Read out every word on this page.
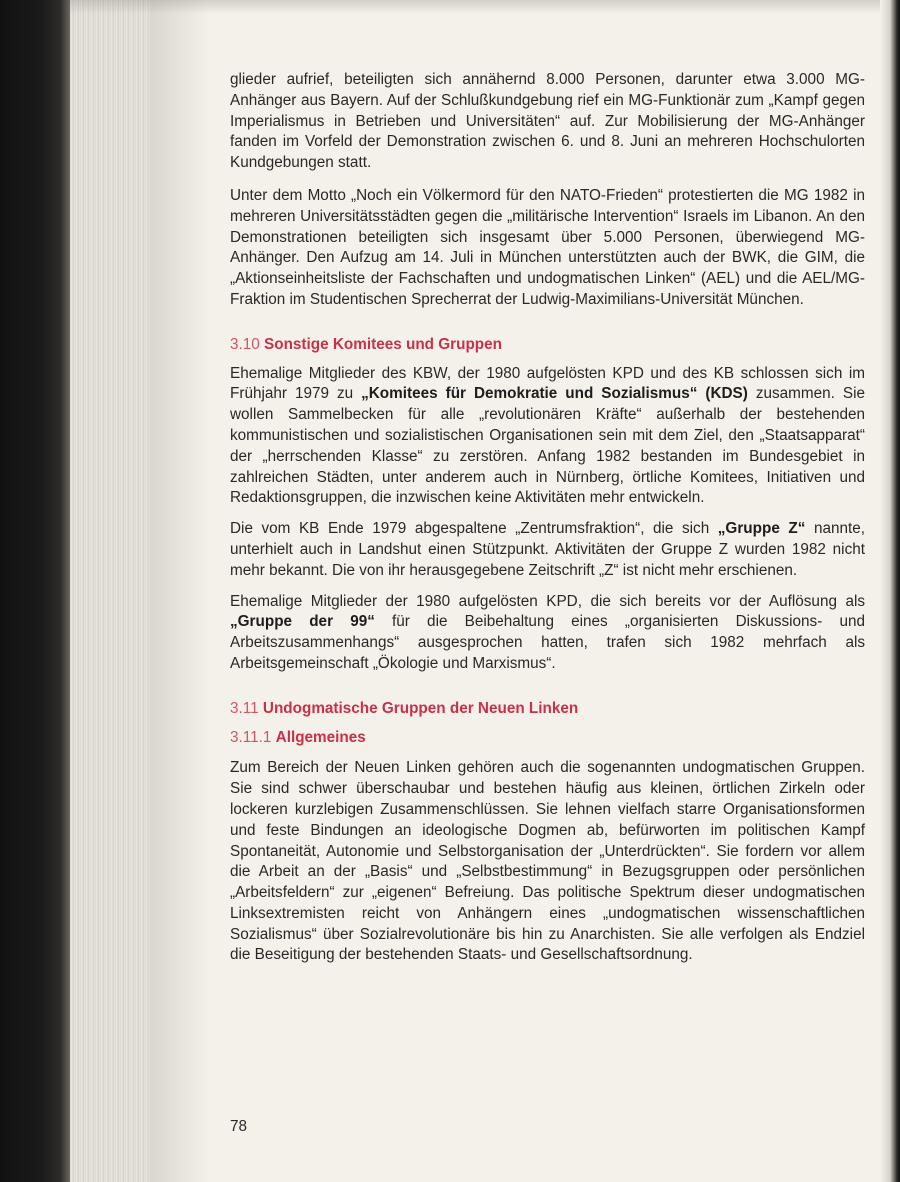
glieder aufrief, beteiligten sich annähernd 8.000 Personen, darunter etwa 3.000 MG-Anhänger aus Bayern. Auf der Schlußkundgebung rief ein MG-Funktionär zum „Kampf gegen Imperialismus in Betrieben und Universitäten“ auf. Zur Mobilisierung der MG-Anhänger fanden im Vorfeld der Demonstration zwischen 6. und 8. Juni an mehreren Hochschulorten Kundgebungen statt.

Unter dem Motto „Noch ein Völkermord für den NATO-Frieden“ protestierten die MG 1982 in mehreren Universitätsstädten gegen die „militärische Intervention“ Israels im Libanon. An den Demonstrationen beteiligten sich insgesamt über 5.000 Personen, überwiegend MG-Anhänger. Den Aufzug am 14. Juli in München unterstützten auch der BWK, die GIM, die „Aktionseinheitsliste der Fachschaften und undogmatischen Linken“ (AEL) und die AEL/MG-Fraktion im Studentischen Sprecherrat der Ludwig-Maximilians-Universität München.

3.10 Sonstige Komitees und Gruppen

Ehemalige Mitglieder des KBW, der 1980 aufgelösten KPD und des KB schlossen sich im Frühjahr 1979 zu „Komitees für Demokratie und Sozialismus“ (KDS) zusammen. Sie wollen Sammelbecken für alle „revolutionären Kräfte“ außerhalb der bestehenden kommunistischen und sozialistischen Organisationen sein mit dem Ziel, den „Staatsapparat“ der „herrschenden Klasse“ zu zerstören. Anfang 1982 bestanden im Bundesgebiet in zahlreichen Städten, unter anderem auch in Nürnberg, örtliche Komitees, Initiativen und Redaktionsgruppen, die inzwischen keine Aktivitäten mehr entwickeln.

Die vom KB Ende 1979 abgespaltene „Zentrumsfraktion“, die sich „Gruppe Z“ nannte, unterhielt auch in Landshut einen Stützpunkt. Aktivitäten der Gruppe Z wurden 1982 nicht mehr bekannt. Die von ihr herausgegebene Zeitschrift „Z“ ist nicht mehr erschienen.

Ehemalige Mitglieder der 1980 aufgelösten KPD, die sich bereits vor der Auflösung als „Gruppe der 99“ für die Beibehaltung eines „organisierten Diskussions- und Arbeitszusammenhangs“ ausgesprochen hatten, trafen sich 1982 mehrfach als Arbeitsgemeinschaft „Ökologie und Marxismus“.

3.11 Undogmatische Gruppen der Neuen Linken
3.11.1 Allgemeines

Zum Bereich der Neuen Linken gehören auch die sogenannten undogmatischen Gruppen. Sie sind schwer überschaubar und bestehen häufig aus kleinen, örtlichen Zirkeln oder lockeren kurzlebigen Zusammenschlüssen. Sie lehnen vielfach starre Organisationsformen und feste Bindungen an ideologische Dogmen ab, befürworten im politischen Kampf Spontaneität, Autonomie und Selbstorganisation der „Unterdrückten“. Sie fordern vor allem die Arbeit an der „Basis“ und „Selbstbestimmung“ in Bezugsgruppen oder persönlichen „Arbeitsfeldern“ zur „eigenen“ Befreiung. Das politische Spektrum dieser undogmatischen Linksextremisten reicht von Anhängern eines „undogmatischen wissenschaftlichen Sozialismus“ über Sozialrevolutionäre bis hin zu Anarchisten. Sie alle verfolgen als Endziel die Beseitigung der bestehenden Staats- und Gesellschaftsordnung.

78
